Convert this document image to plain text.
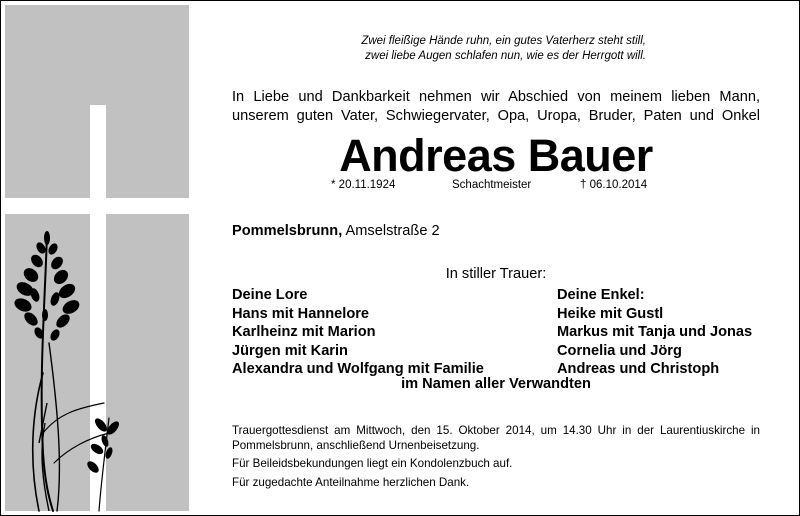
Zwei fleißige Hände ruhn, ein gutes Vaterherz steht still,
zwei liebe Augen schlafen nun, wie es der Herrgott will.
In Liebe und Dankbarkeit nehmen wir Abschied von meinem lieben Mann,
unserem guten Vater, Schwiegervater, Opa, Uropa, Bruder, Paten und Onkel
Andreas Bauer
* 20.11.1924	Schachtmeister	† 06.10.2014
Pommelsbrunn, Amselstraße 2
In stiller Trauer:
Deine Lore
Hans mit Hannelore
Karlheinz mit Marion
Jürgen mit Karin
Alexandra und Wolfgang mit Familie
Deine Enkel:
Heike mit Gustl
Markus mit Tanja und Jonas
Cornelia und Jörg
Andreas und Christoph
im Namen aller Verwandten
Trauergottesdienst am Mittwoch, den 15. Oktober 2014, um 14.30 Uhr in der Laurentiuskirche in Pommelsbrunn, anschließend Urnenbeisetzung.
Für Beileidsbekundungen liegt ein Kondolenzbuch auf.
Für zugedachte Anteilnahme herzlichen Dank.
